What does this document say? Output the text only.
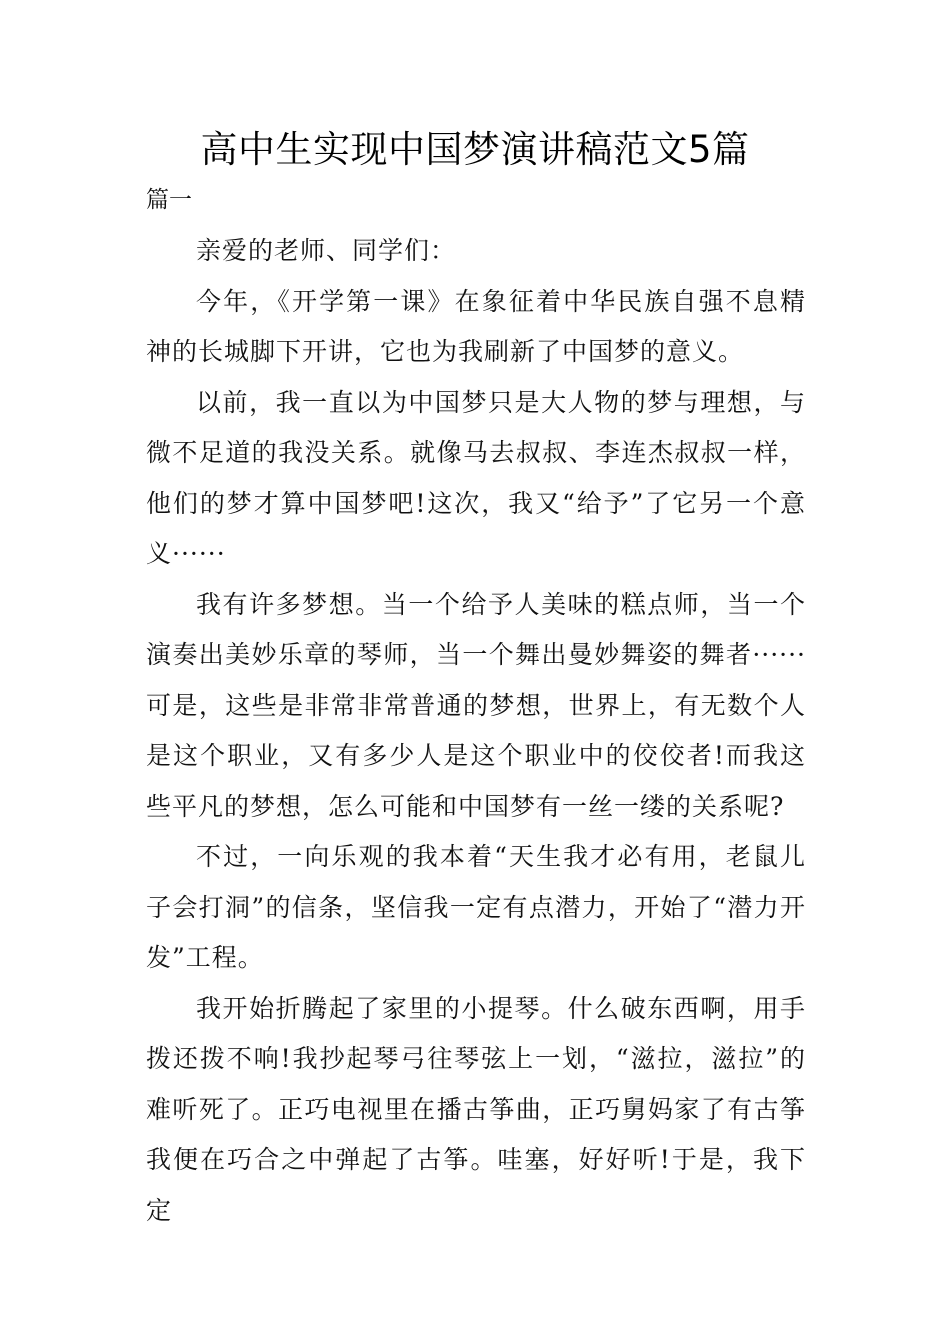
高中生实现中国梦演讲稿范文5篇
篇一

亲爱的老师、同学们：

今年，《开学第一课》在象征着中华民族自强不息精神的长城脚下开讲，它也为我刷新了中国梦的意义。

以前，我一直以为中国梦只是大人物的梦与理想，与微不足道的我没关系。就像马去叔叔、李连杰叔叔一样，他们的梦才算中国梦吧!这次，我又“给予”了它另一个意义······

我有许多梦想。当一个给予人美味的糕点师，当一个演奏出美妙乐章的琴师，当一个舞出曼妙舞姿的舞者······可是，这些是非常非常普通的梦想，世界上，有无数个人是这个职业，又有多少人是这个职业中的佼佼者!而我这些平凡的梦想，怎么可能和中国梦有一丝一缕的关系呢?

不过，一向乐观的我本着“天生我才必有用，老鼠儿子会打洞”的信条，坚信我一定有点潜力，开始了“潜力开发”工程。

我开始折腾起了家里的小提琴。什么破东西啊，用手拨还拨不响!我抄起琴弓往琴弦上一划，“滋拉，滋拉”的难听死了。正巧电视里在播古筝曲，正巧舅妈家了有古筝我便在巧合之中弹起了古筝。哇塞，好好听!于是，我下定
